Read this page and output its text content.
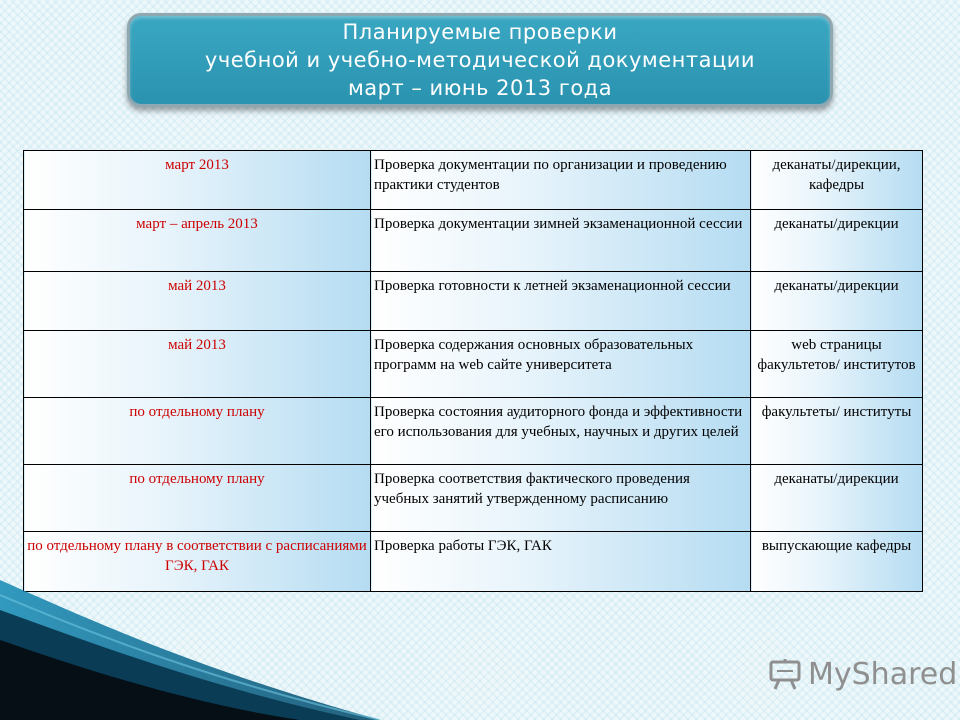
Планируемые проверки
учебной и учебно-методической документации
март – июнь 2013 года
март 2013	Проверка документации по организации и проведению практики студентов	деканаты/дирекции, кафедры
март – апрель 2013	Проверка документации зимней экзаменационной сессии	деканаты/дирекции
май 2013	Проверка готовности к летней экзаменационной сессии	деканаты/дирекции
май 2013	Проверка содержания основных образовательных программ на web сайте университета	web страницы факультетов/ институтов
по отдельному плану	Проверка состояния аудиторного фонда и эффективности его использования для учебных, научных и других целей	факультеты/ институты
по отдельному плану	Проверка соответствия фактического проведения учебных занятий утвержденному расписанию	деканаты/дирекции
по отдельному плану в соответствии с расписаниями ГЭК, ГАК	Проверка работы ГЭК, ГАК	выпускающие кафедры
MyShared
